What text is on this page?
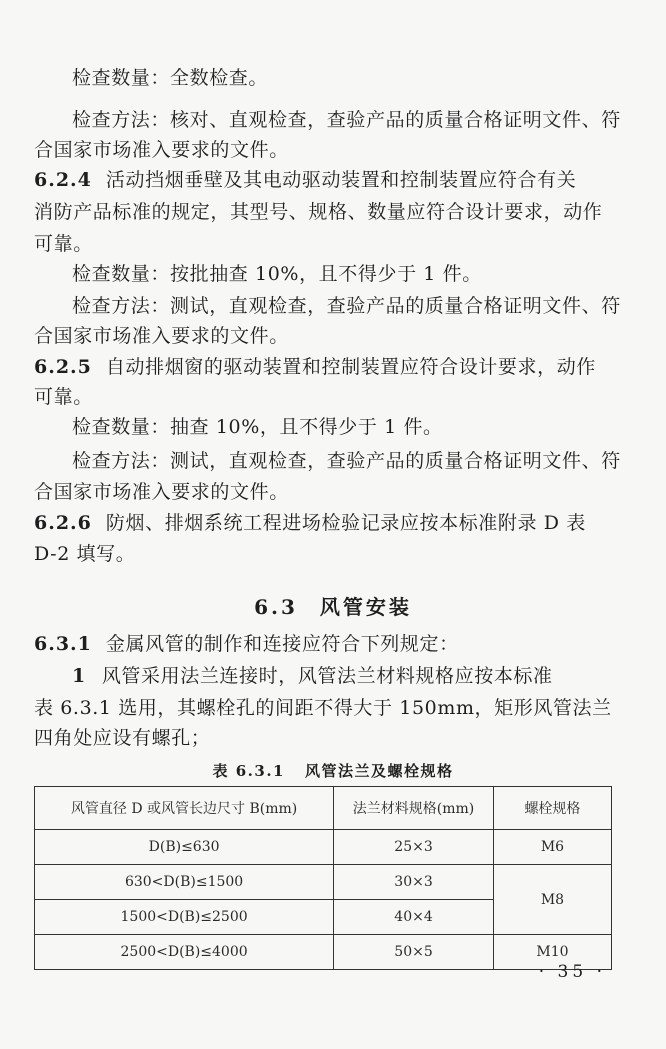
检查数量：全数检查。
检查方法：核对、直观检查，查验产品的质量合格证明文件、符
合国家市场准入要求的文件。
6.2.4 活动挡烟垂壁及其电动驱动装置和控制装置应符合有关
消防产品标准的规定，其型号、规格、数量应符合设计要求，动作
可靠。
检查数量：按批抽查 10%，且不得少于 1 件。
检查方法：测试，直观检查，查验产品的质量合格证明文件、符
合国家市场准入要求的文件。
6.2.5 自动排烟窗的驱动装置和控制装置应符合设计要求，动作
可靠。
检查数量：抽查 10%，且不得少于 1 件。
检查方法：测试，直观检查，查验产品的质量合格证明文件、符
合国家市场准入要求的文件。
6.2.6 防烟、排烟系统工程进场检验记录应按本标准附录 D 表
D-2 填写。
6.3 风管安装
6.3.1 金属风管的制作和连接应符合下列规定：
1 风管采用法兰连接时，风管法兰材料规格应按本标准
表 6.3.1 选用，其螺栓孔的间距不得大于 150mm，矩形风管法兰
四角处应设有螺孔；
表 6.3.1 风管法兰及螺栓规格
风管直径 D 或风管长边尺寸 B(mm)	法兰材料规格(mm)	螺栓规格
D(B)≤630	25×3	M6
630<D(B)≤1500	30×3	M8
1500<D(B)≤2500	40×4	
2500<D(B)≤4000	50×5	M10
· 35 ·
